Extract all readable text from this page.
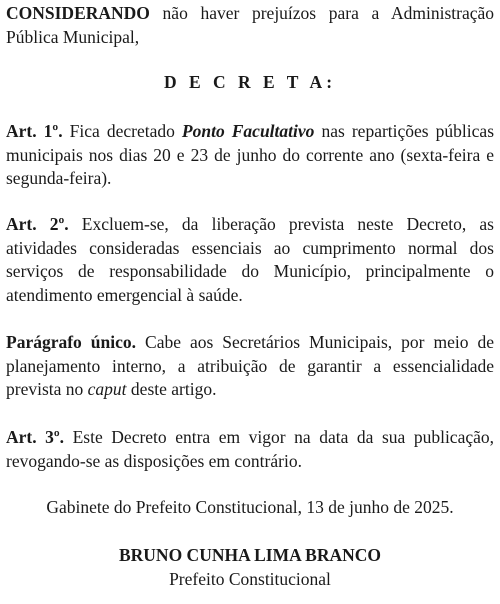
CONSIDERANDO não haver prejuízos para a Administração Pública Municipal,

D E C R E T A:

Art. 1º. Fica decretado Ponto Facultativo nas repartições públicas municipais nos dias 20 e 23 de junho do corrente ano (sexta-feira e segunda-feira).

Art. 2º. Excluem-se, da liberação prevista neste Decreto, as atividades consideradas essenciais ao cumprimento normal dos serviços de responsabilidade do Município, principalmente o atendimento emergencial à saúde.

Parágrafo único. Cabe aos Secretários Municipais, por meio de planejamento interno, a atribuição de garantir a essencialidade prevista no caput deste artigo.

Art. 3º. Este Decreto entra em vigor na data da sua publicação, revogando-se as disposições em contrário.

Gabinete do Prefeito Constitucional, 13 de junho de 2025.
BRUNO CUNHA LIMA BRANCO
Prefeito Constitucional
